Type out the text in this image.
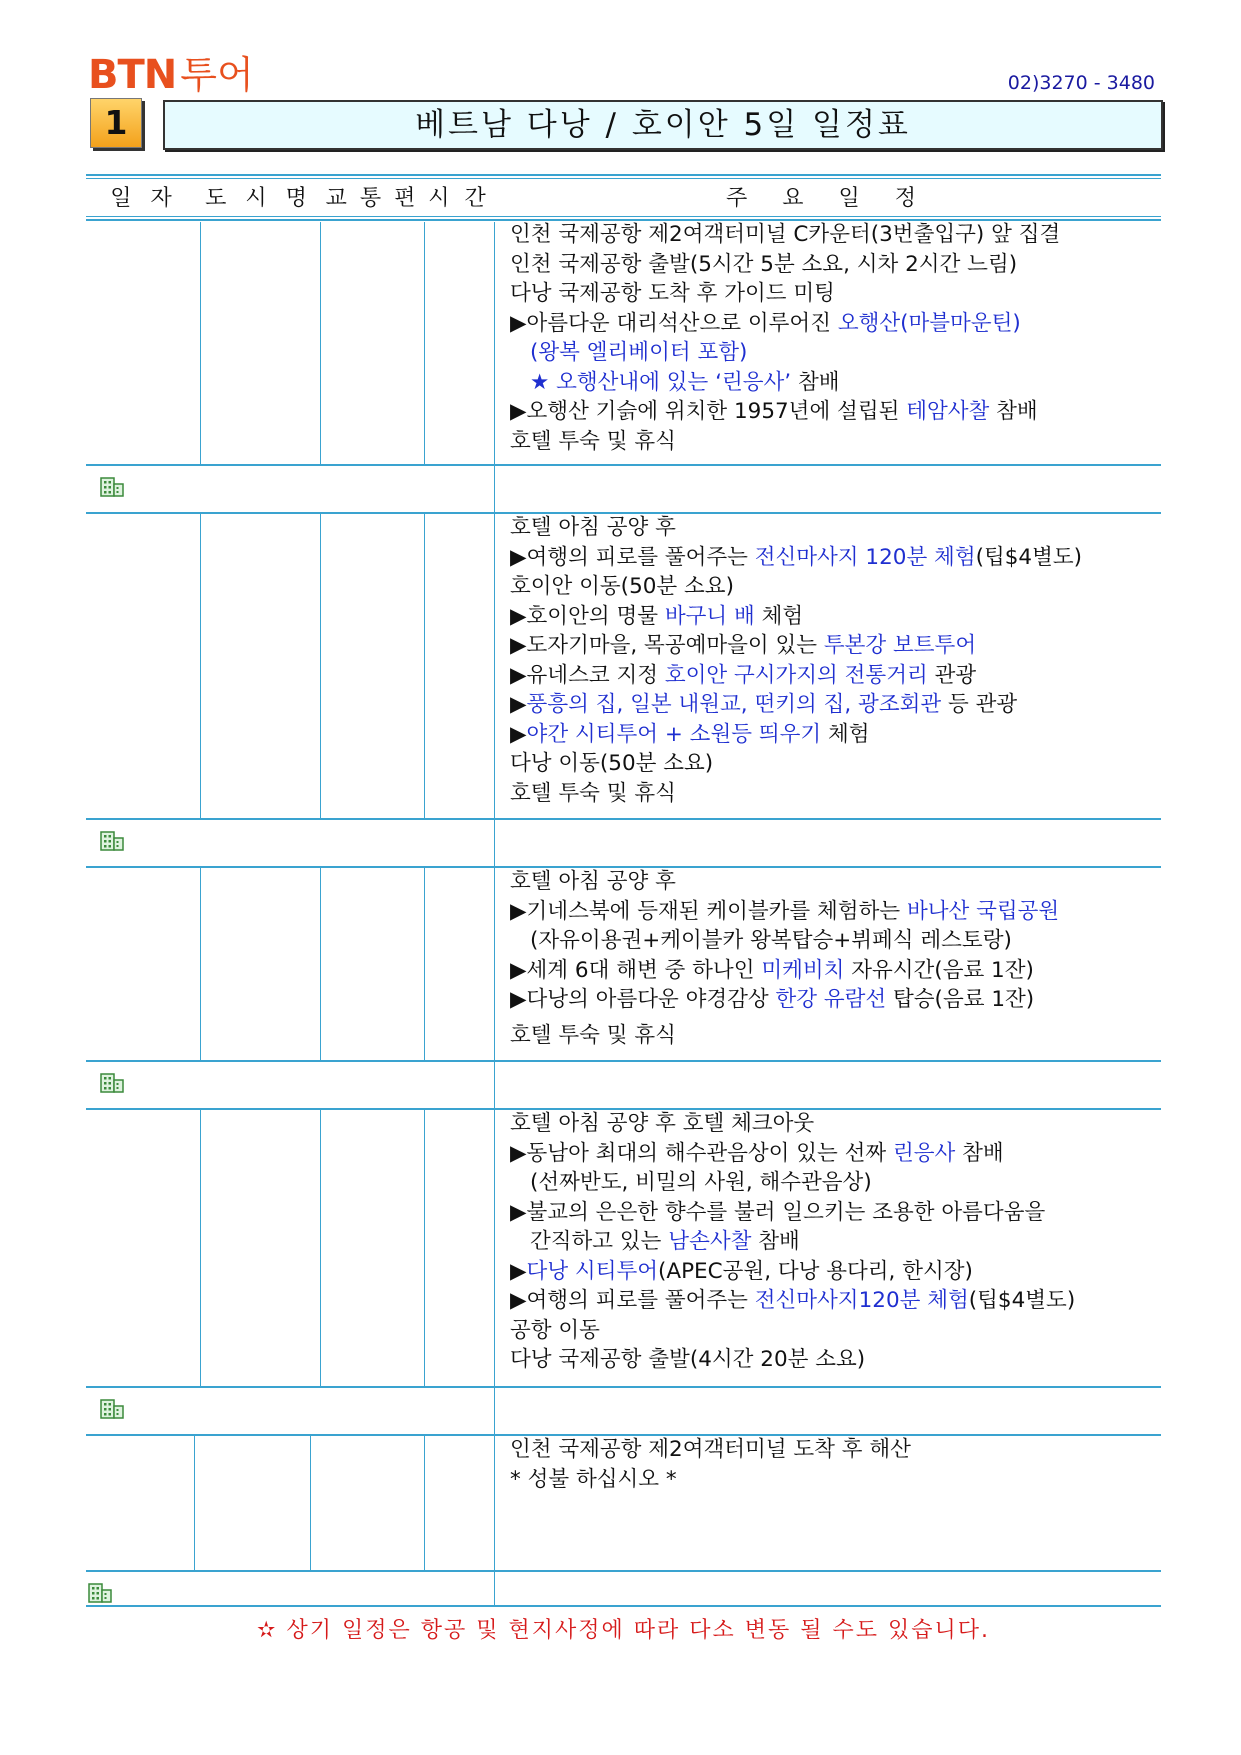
BTN 투어	02)3270 - 3480
1	베트남 다낭 / 호이안 5일 일정표
일 자	도 시 명 교 통 편 시 간	주 요 일 정
인천 국제공항 제2여객터미널 C카운터(3번출입구) 앞 집결
인천 국제공항 출발(5시간 5분 소요, 시차 2시간 느림)
다낭 국제공항 도착 후 가이드 미팅
▶아름다운 대리석산으로 이루어진 오행산(마블마운틴)
(왕복 엘리베이터 포함)
★ 오행산내에 있는 ‘린응사’ 참배
▶오행산 기슭에 위치한 1957년에 설립된 테암사찰 참배
호텔 투숙 및 휴식
호텔 아침 공양 후
▶여행의 피로를 풀어주는 전신마사지 120분 체험(팁$4별도)
호이안 이동(50분 소요)
▶호이안의 명물 바구니 배 체험
▶도자기마을, 목공예마을이 있는 투본강 보트투어
▶유네스코 지정 호이안 구시가지의 전통거리 관광
▶풍흥의 집, 일본 내원교, 떤키의 집, 광조회관 등 관광
▶야간 시티투어 + 소원등 띄우기 체험
다낭 이동(50분 소요)
호텔 투숙 및 휴식
호텔 아침 공양 후
▶기네스북에 등재된 케이블카를 체험하는 바나산 국립공원
(자유이용권+케이블카 왕복탑승+뷔페식 레스토랑)
▶세계 6대 해변 중 하나인 미케비치 자유시간(음료 1잔)
▶다낭의 아름다운 야경감상 한강 유람선 탑승(음료 1잔)
호텔 투숙 및 휴식
호텔 아침 공양 후 호텔 체크아웃
▶동남아 최대의 해수관음상이 있는 선짜 린응사 참배
(선짜반도, 비밀의 사원, 해수관음상)
▶불교의 은은한 향수를 불러 일으키는 조용한 아름다움을
간직하고 있는 남손사찰 참배
▶다낭 시티투어(APEC공원, 다낭 용다리, 한시장)
▶여행의 피로를 풀어주는 전신마사지120분 체험(팁$4별도)
공항 이동
다낭 국제공항 출발(4시간 20분 소요)
인천 국제공항 제2여객터미널 도착 후 해산
* 성불 하십시오 *
✫ 상기 일정은 항공 및 현지사정에 따라 다소 변동 될 수도 있습니다.
